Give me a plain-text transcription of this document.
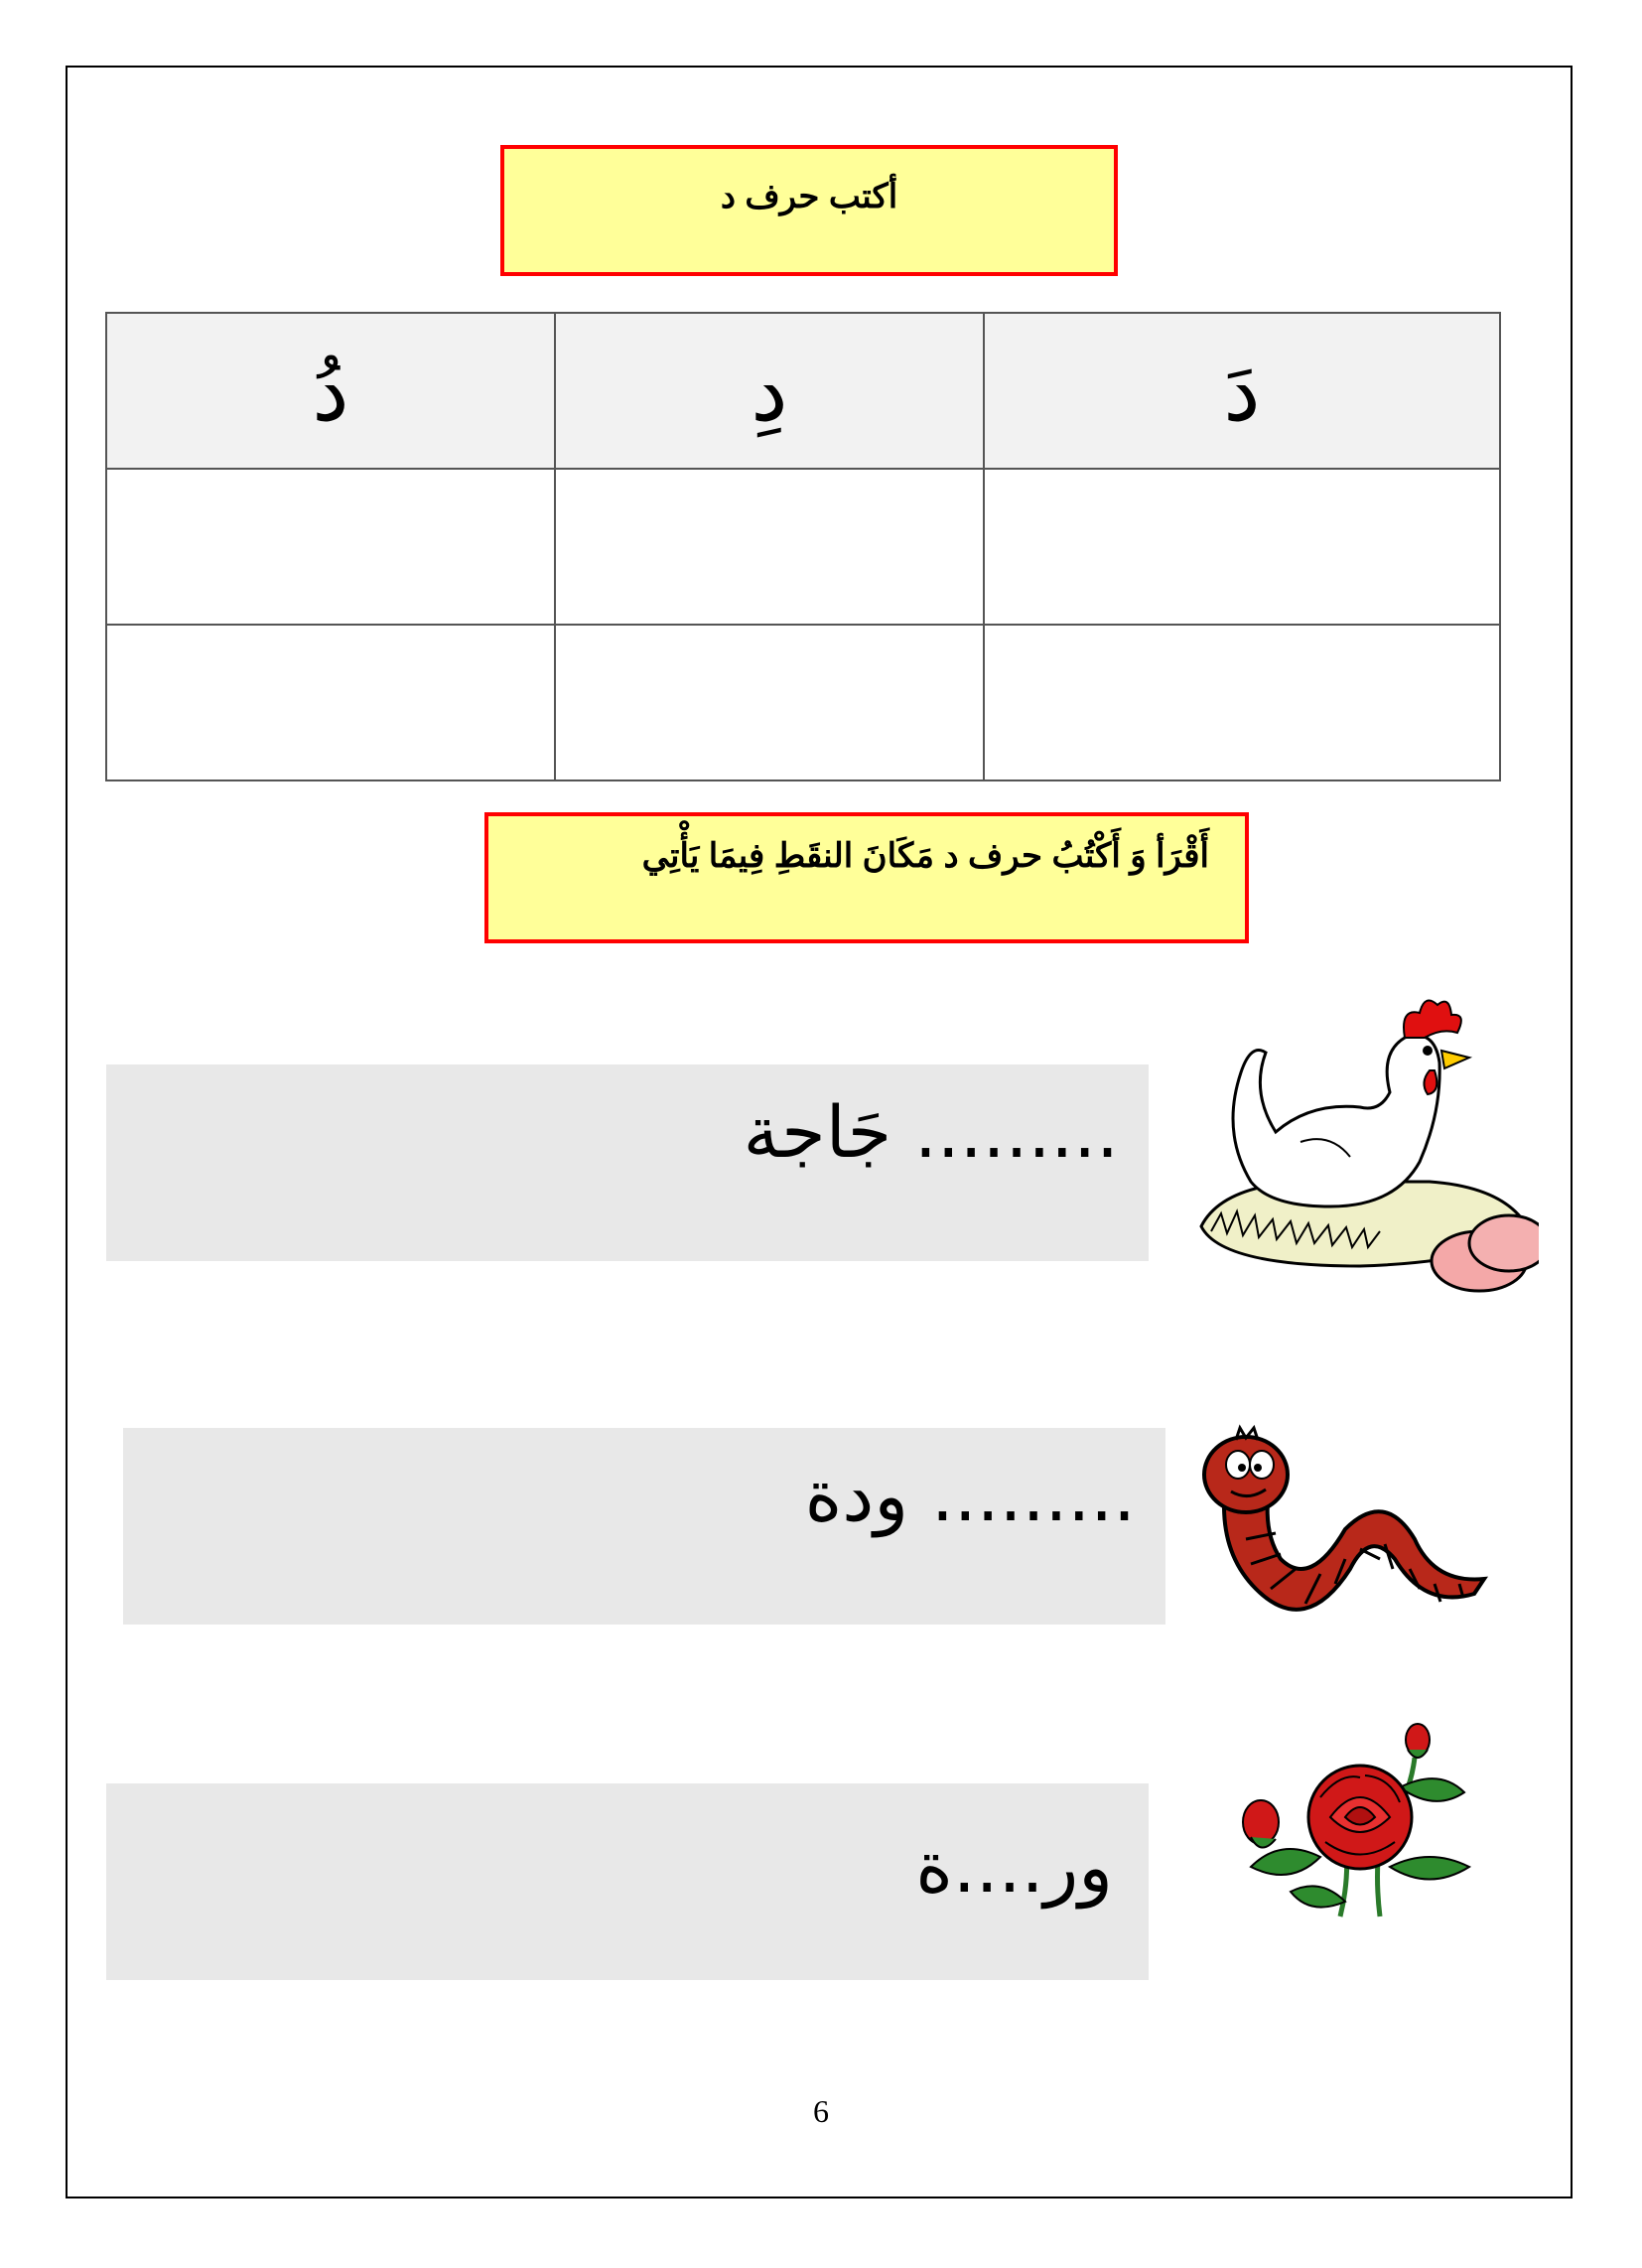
أكتب حرف د
دَ	دِ	دُ

أَقْرَأ وَ أَكْتُبُ حرف د مَكَانَ النقَطِ فِيمَا يَأْتِي
......... جَاجة
......... ودة
ور....ة
6
